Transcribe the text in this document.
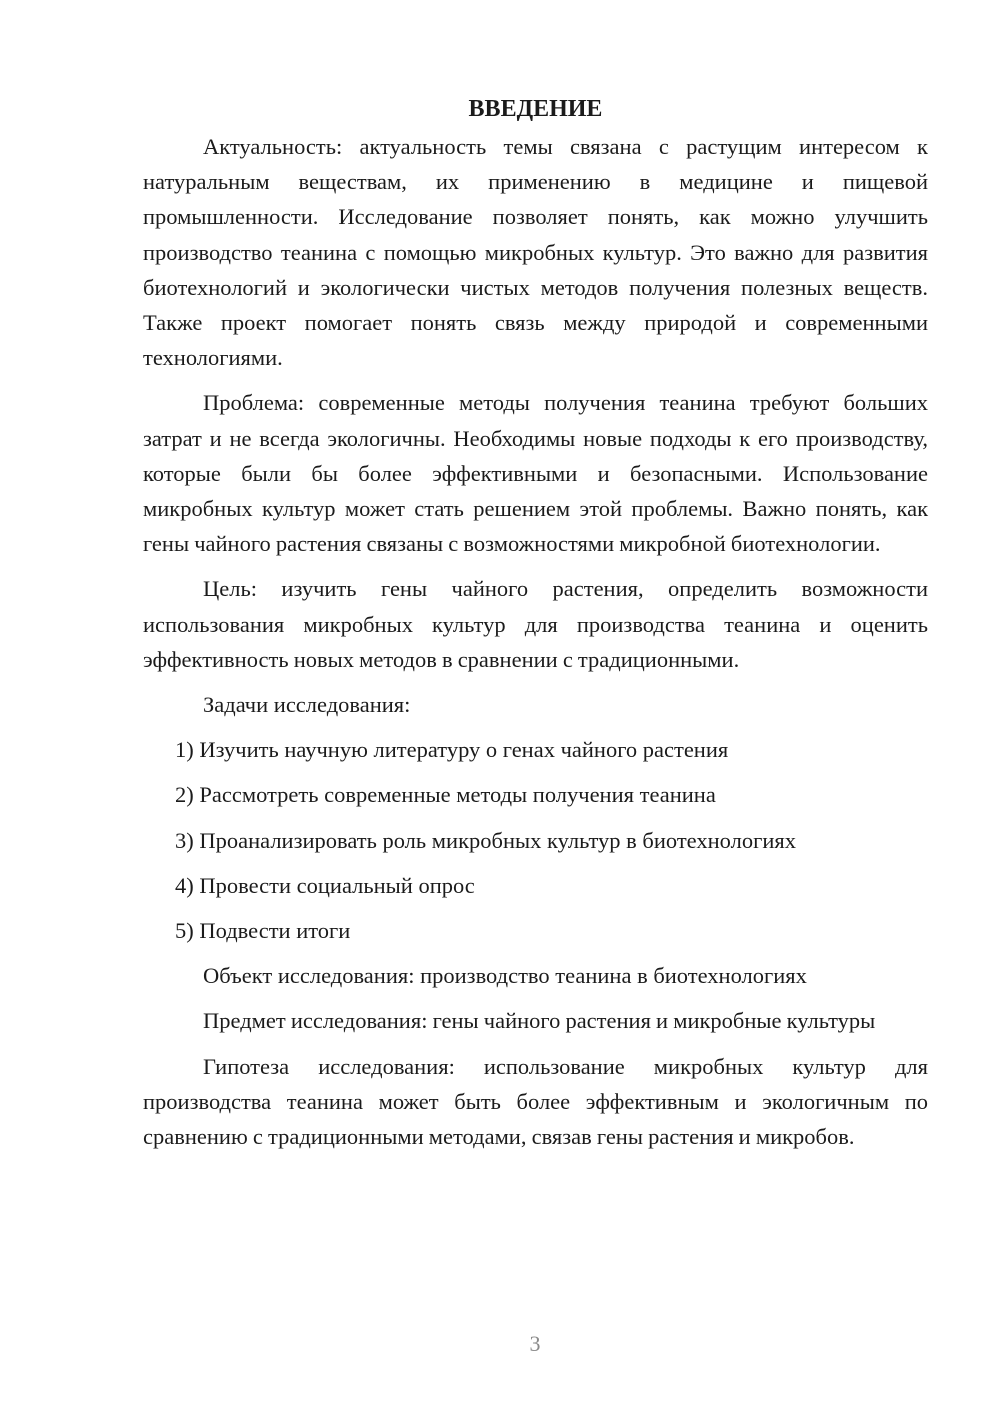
ВВЕДЕНИЕ

Актуальность: актуальность темы связана с растущим интересом к натуральным веществам, их применению в медицине и пищевой промышленности. Исследование позволяет понять, как можно улучшить производство теанина с помощью микробных культур. Это важно для развития биотехнологий и экологически чистых методов получения полезных веществ. Также проект помогает понять связь между природой и современными технологиями.

Проблема: современные методы получения теанина требуют больших затрат и не всегда экологичны. Необходимы новые подходы к его производству, которые были бы более эффективными и безопасными. Использование микробных культур может стать решением этой проблемы. Важно понять, как гены чайного растения связаны с возможностями микробной биотехнологии.

Цель: изучить гены чайного растения, определить возможности использования микробных культур для производства теанина и оценить эффективность новых методов в сравнении с традиционными.

Задачи исследования:

1) Изучить научную литературу о генах чайного растения
2) Рассмотреть современные методы получения теанина
3) Проанализировать роль микробных культур в биотехнологиях
4) Провести социальный опрос
5) Подвести итоги

Объект исследования: производство теанина в биотехнологиях

Предмет исследования: гены чайного растения и микробные культуры

Гипотеза исследования: использование микробных культур для производства теанина может быть более эффективным и экологичным по сравнению с традиционными методами, связав гены растения и микробов.

3
